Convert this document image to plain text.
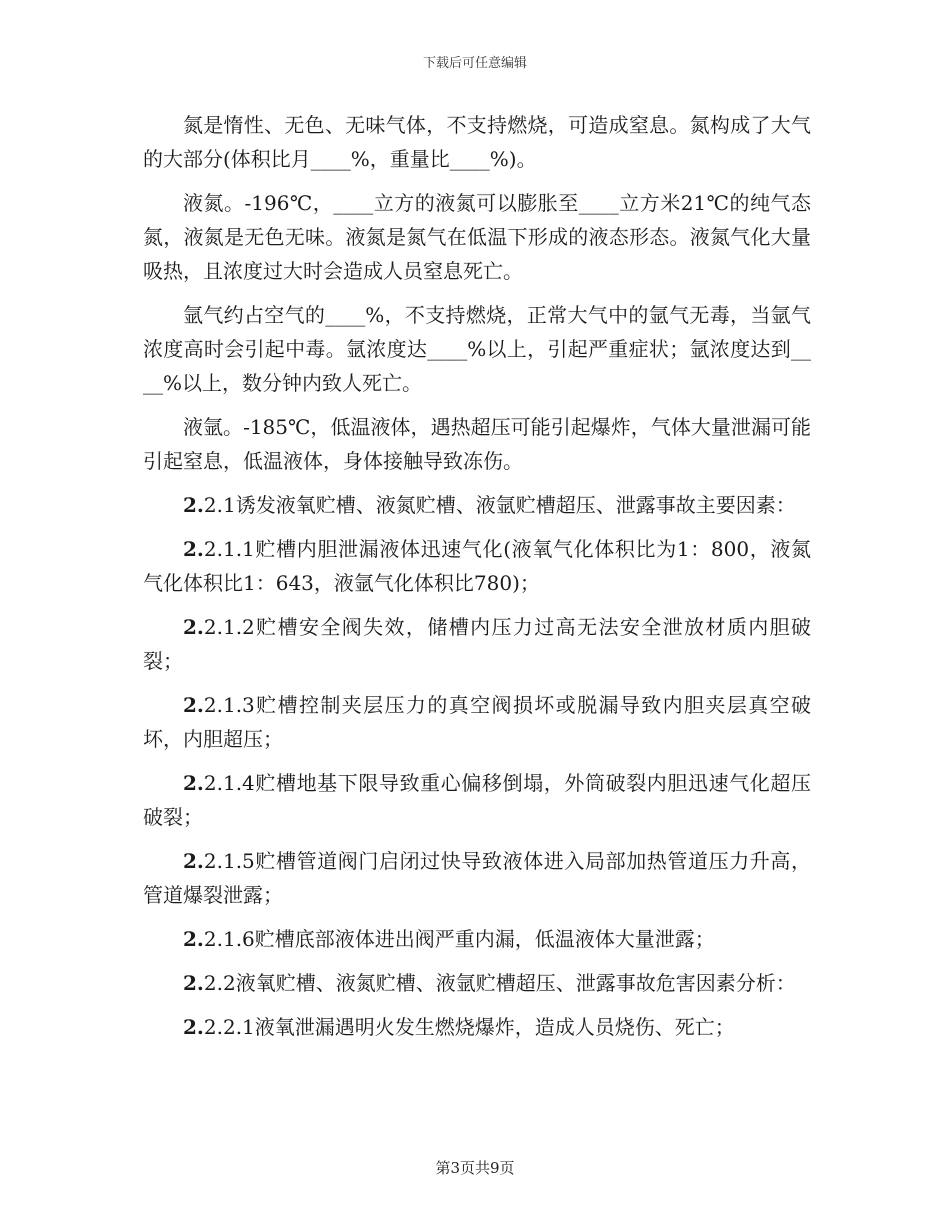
下载后可任意编辑

氮是惰性、无色、无味气体，不支持燃烧，可造成窒息。氮构成了大气的大部分(体积比月____%，重量比____%)。

液氮。-196℃，____立方的液氮可以膨胀至____立方米21℃的纯气态氮，液氮是无色无味。液氮是氮气在低温下形成的液态形态。液氮气化大量吸热，且浓度过大时会造成人员窒息死亡。

氩气约占空气的____%，不支持燃烧，正常大气中的氩气无毒，当氩气浓度高时会引起中毒。氩浓度达____%以上，引起严重症状；氩浓度达到____%以上，数分钟内致人死亡。

液氩。-185℃，低温液体，遇热超压可能引起爆炸，气体大量泄漏可能引起窒息，低温液体，身体接触导致冻伤。

2.2.1诱发液氧贮槽、液氮贮槽、液氩贮槽超压、泄露事故主要因素：

2.2.1.1贮槽内胆泄漏液体迅速气化(液氧气化体积比为1：800，液氮气化体积比1：643，液氩气化体积比780)；

2.2.1.2贮槽安全阀失效，储槽内压力过高无法安全泄放材质内胆破裂；

2.2.1.3贮槽控制夹层压力的真空阀损坏或脱漏导致内胆夹层真空破坏，内胆超压；

2.2.1.4贮槽地基下限导致重心偏移倒塌，外筒破裂内胆迅速气化超压破裂；

2.2.1.5贮槽管道阀门启闭过快导致液体进入局部加热管道压力升高，管道爆裂泄露；

2.2.1.6贮槽底部液体进出阀严重内漏，低温液体大量泄露；

2.2.2液氧贮槽、液氮贮槽、液氩贮槽超压、泄露事故危害因素分析：

2.2.2.1液氧泄漏遇明火发生燃烧爆炸，造成人员烧伤、死亡；

第3页共9页
